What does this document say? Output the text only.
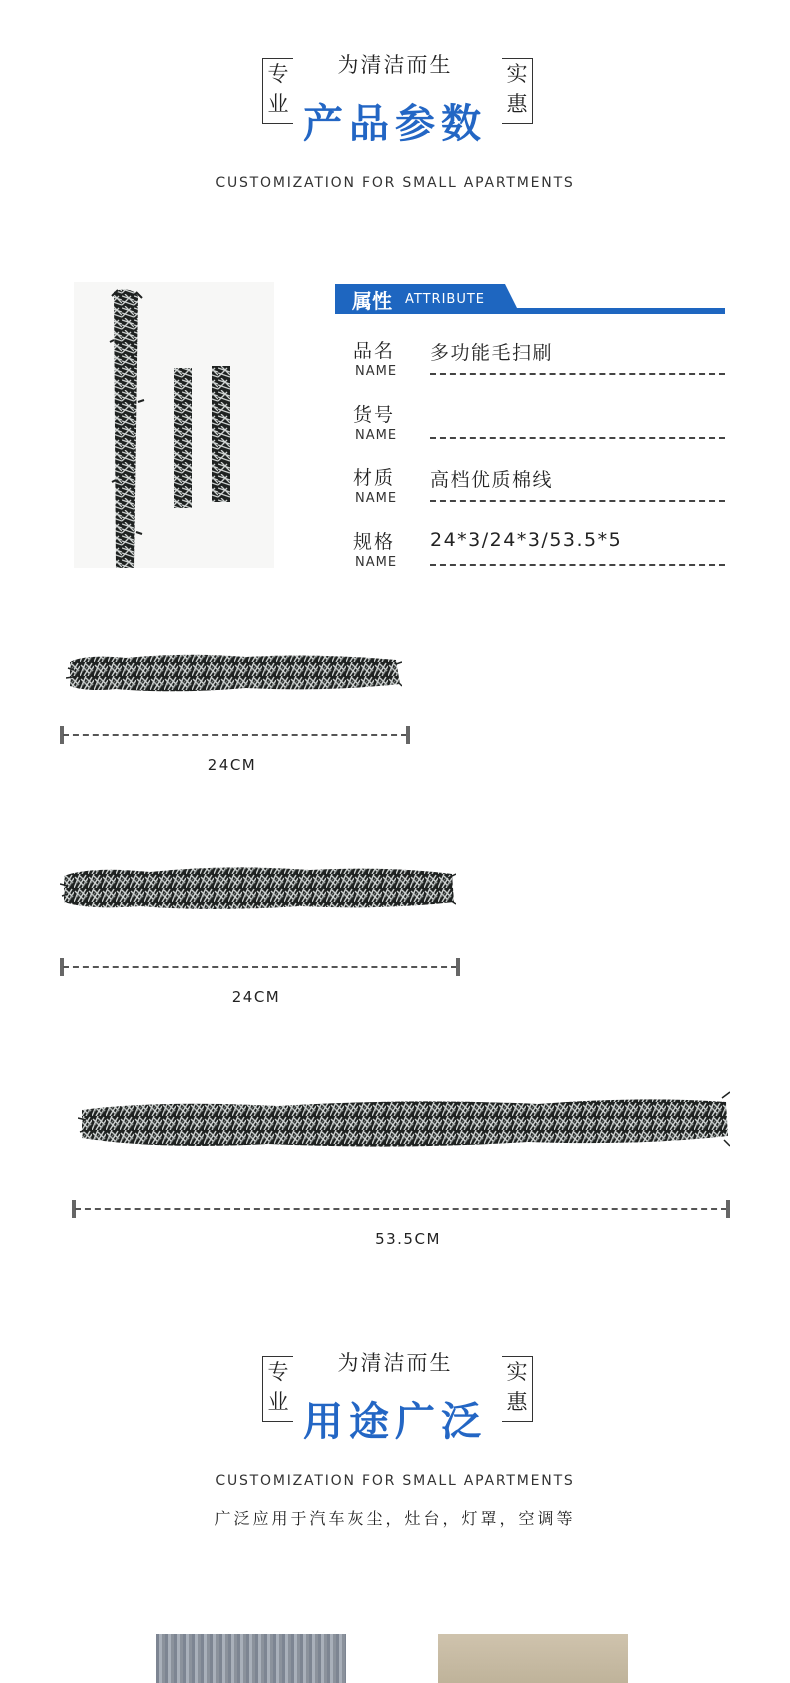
为清洁而生
专
业
实
惠
产品参数
CUSTOMIZATION FOR SMALL APARTMENTS
属性 ATTRIBUTE
品名
NAME
多功能毛扫刷
货号
NAME
材质
NAME
高档优质棉线
规格
NAME
24*3/24*3/53.5*5
24CM
24CM
53.5CM
为清洁而生
专
业
实
惠
用途广泛
CUSTOMIZATION FOR SMALL APARTMENTS
广泛应用于汽车灰尘，灶台，灯罩，空调等
